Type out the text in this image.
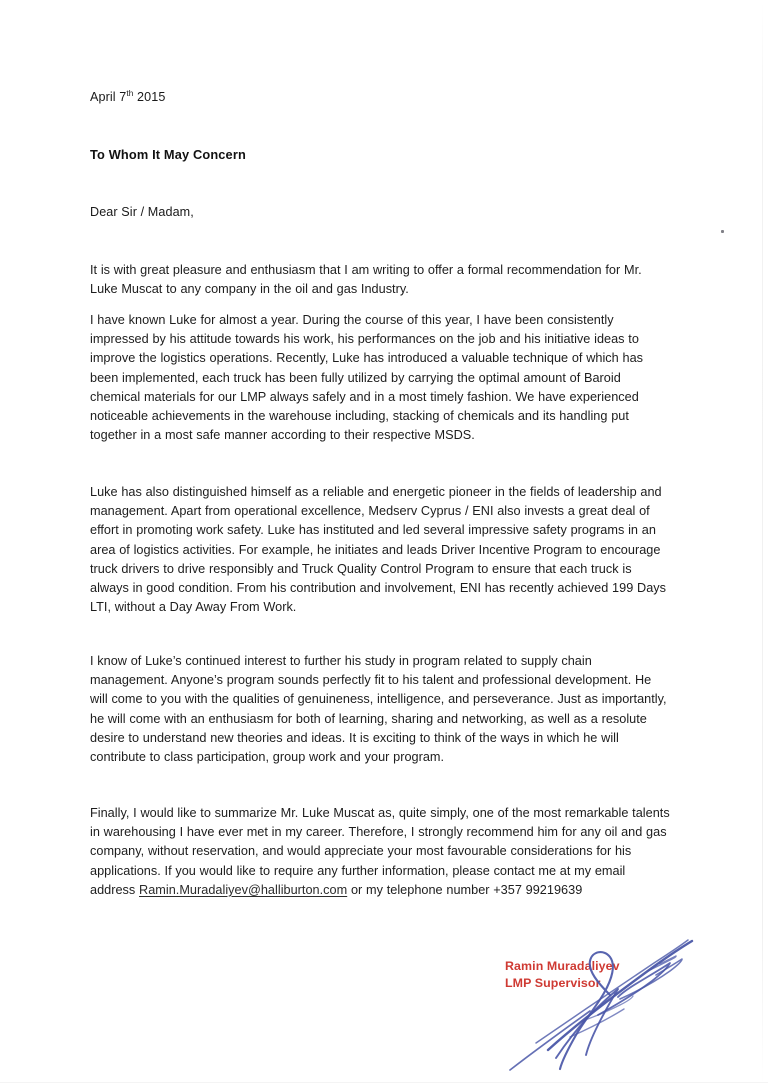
April 7th 2015
To Whom It May Concern
Dear Sir / Madam,

It is with great pleasure and enthusiasm that I am writing to offer a formal recommendation for Mr. Luke Muscat to any company in the oil and gas Industry.

I have known Luke for almost a year. During the course of this year, I have been consistently impressed by his attitude towards his work, his performances on the job and his initiative ideas to improve the logistics operations. Recently, Luke has introduced a valuable technique of which has been implemented, each truck has been fully utilized by carrying the optimal amount of Baroid chemical materials for our LMP always safely and in a most timely fashion. We have experienced noticeable achievements in the warehouse including, stacking of chemicals and its handling put together in a most safe manner according to their respective MSDS.

Luke has also distinguished himself as a reliable and energetic pioneer in the fields of leadership and management. Apart from operational excellence, Medserv Cyprus / ENI also invests a great deal of effort in promoting work safety. Luke has instituted and led several impressive safety programs in an area of logistics activities. For example, he initiates and leads Driver Incentive Program to encourage truck drivers to drive responsibly and Truck Quality Control Program to ensure that each truck is always in good condition. From his contribution and involvement, ENI has recently achieved 199 Days LTI, without a Day Away From Work.

I know of Luke’s continued interest to further his study in program related to supply chain management. Anyone’s program sounds perfectly fit to his talent and professional development. He will come to you with the qualities of genuineness, intelligence, and perseverance. Just as importantly, he will come with an enthusiasm for both of learning, sharing and networking, as well as a resolute desire to understand new theories and ideas. It is exciting to think of the ways in which he will contribute to class participation, group work and your program.

Finally, I would like to summarize Mr. Luke Muscat as, quite simply, one of the most remarkable talents in warehousing I have ever met in my career. Therefore, I strongly recommend him for any oil and gas company, without reservation, and would appreciate your most favourable considerations for his applications. If you would like to require any further information, please contact me at my email address Ramin.Muradaliyev@halliburton.com or my telephone number +357 99219639

Ramin Muradaliyev
LMP Supervisor
